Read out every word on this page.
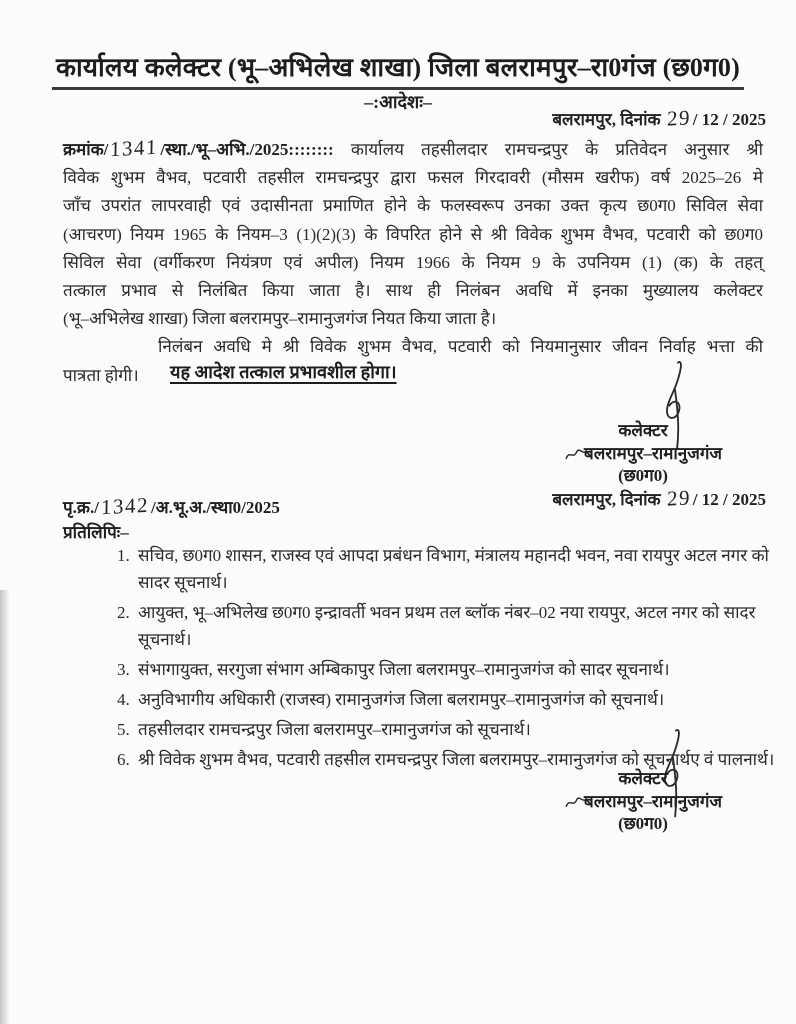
कार्यालय कलेक्टर (भू–अभिलेख शाखा) जिला बलरामपुर–रा0गंज (छ0ग0)
–:आदेशः–
बलरामपुर, दिनांक 29 / 12 / 2025
क्रमांक/1341 /स्था./भू–अभि./2025:::::::: कार्यालय तहसीलदार रामचन्द्रपुर के प्रतिवेदन अनुसार श्री
विवेक शुभम वैभव, पटवारी तहसील रामचन्द्रपुर द्वारा फसल गिरदावरी (मौसम खरीफ) वर्ष 2025–26 मे
जाँच उपरांत लापरवाही एवं उदासीनता प्रमाणित होने के फलस्वरूप उनका उक्त कृत्य छ0ग0 सिविल सेवा
(आचरण) नियम 1965 के नियम–3 (1)(2)(3) के विपरित होने से श्री विवेक शुभम वैभव, पटवारी को छ0ग0
सिविल सेवा (वर्गीकरण नियंत्रण एवं अपील) नियम 1966 के नियम 9 के उपनियम (1) (क) के तहत्
तत्काल प्रभाव से निलंबित किया जाता है। साथ ही निलंबन अवधि में इनका मुख्यालय कलेक्टर
(भू–अभिलेख शाखा) जिला बलरामपुर–रामानुजगंज नियत किया जाता है।
निलंबन अवधि मे श्री विवेक शुभम वैभव, पटवारी को नियमानुसार जीवन निर्वाह भत्ता की
पात्रता होगी।	यह आदेश तत्काल प्रभावशील होगा।
कलेक्टर
बलरामपुर–रामानुजगंज
(छ0ग0)
बलरामपुर, दिनांक 29 / 12 / 2025
पृ.क्र./1342 /अ.भू.अ./स्था0/2025
प्रतिलिपिः–
1. सचिव, छ0ग0 शासन, राजस्व एवं आपदा प्रबंधन विभाग, मंत्रालय महानदी भवन, नवा रायपुर अटल नगर को सादर सूचनार्थ।
2. आयुक्त, भू–अभिलेख छ0ग0 इन्द्रावर्ती भवन प्रथम तल ब्लॉक नंबर–02 नया रायपुर, अटल नगर को सादर सूचनार्थ।
3. संभागायुक्त, सरगुजा संभाग अम्बिकापुर जिला बलरामपुर–रामानुजगंज को सादर सूचनार्थ।
4. अनुविभागीय अधिकारी (राजस्व) रामानुजगंज जिला बलरामपुर–रामानुजगंज को सूचनार्थ।
5. तहसीलदार रामचन्द्रपुर जिला बलरामपुर–रामानुजगंज को सूचनार्थ।
6. श्री विवेक शुभम वैभव, पटवारी तहसील रामचन्द्रपुर जिला बलरामपुर–रामानुजगंज को सूचनार्थए वं पालनार्थ।
कलेक्टर
बलरामपुर–रामानुजगंज
(छ0ग0)
